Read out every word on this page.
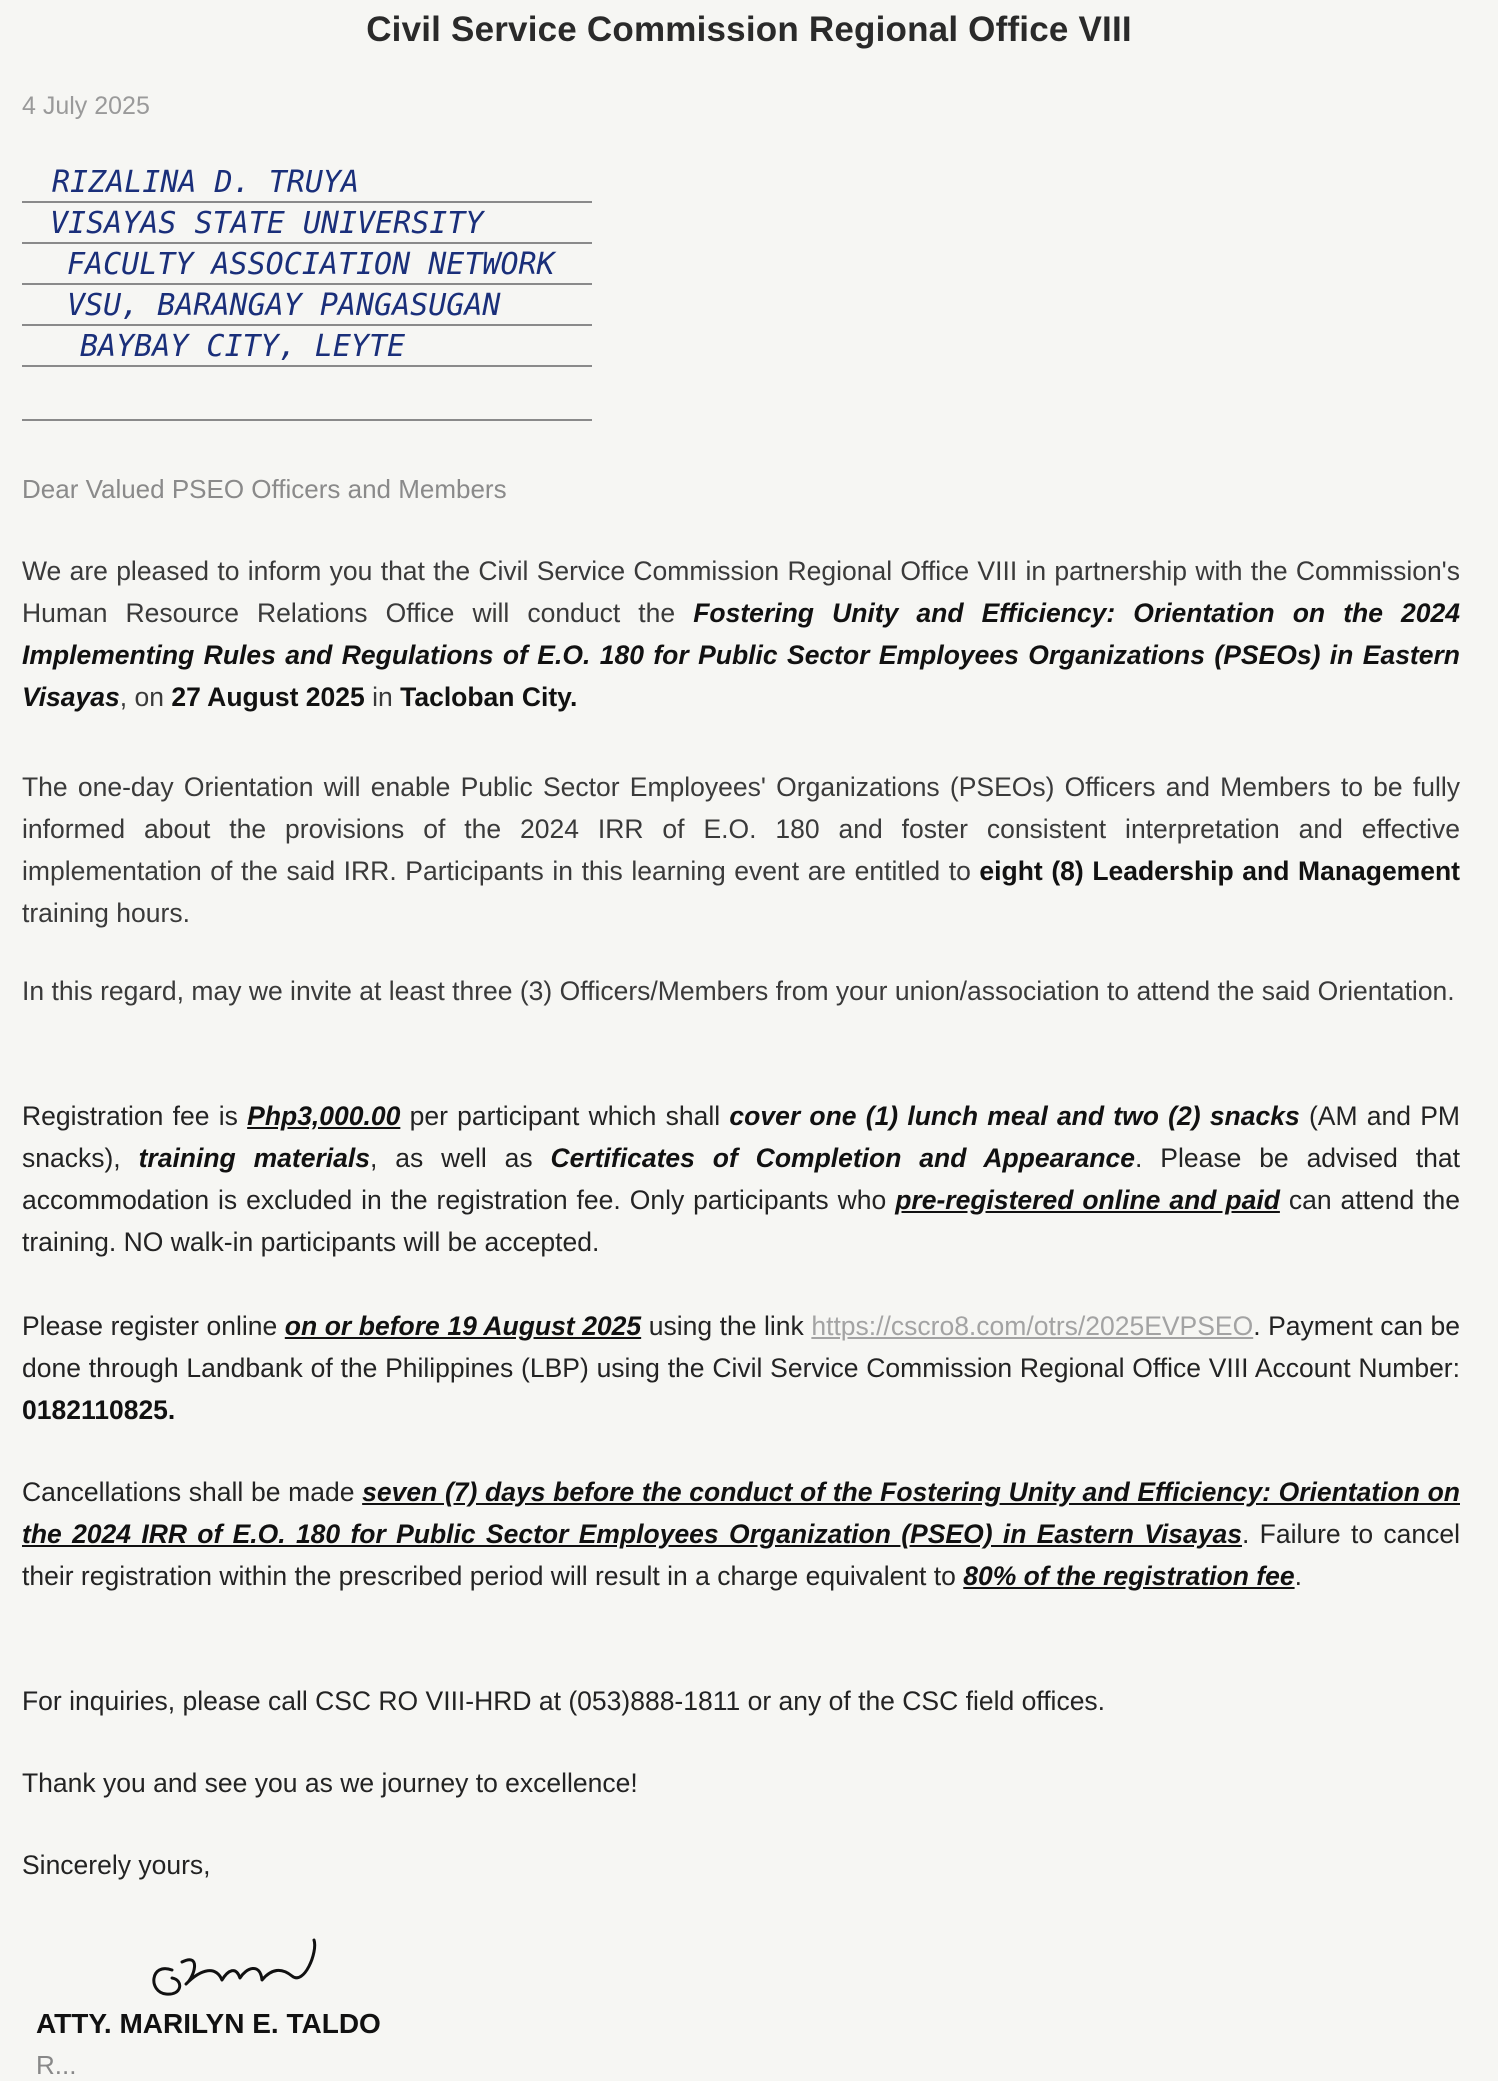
Civil Service Commission Regional Office VIII
4 July 2025
RIZALINA D. TRUYA
VISAYAS STATE UNIVERSITY
FACULTY ASSOCIATION NETWORK
VSU, BARANGAY PANGASUGAN
BAYBAY CITY, LEYTE
Dear Valued PSEO Officers and Members
We are pleased to inform you that the Civil Service Commission Regional Office VIII in partnership with the Commission's Human Resource Relations Office will conduct the Fostering Unity and Efficiency: Orientation on the 2024 Implementing Rules and Regulations of E.O. 180 for Public Sector Employees Organizations (PSEOs) in Eastern Visayas, on 27 August 2025 in Tacloban City.
The one-day Orientation will enable Public Sector Employees' Organizations (PSEOs) Officers and Members to be fully informed about the provisions of the 2024 IRR of E.O. 180 and foster consistent interpretation and effective implementation of the said IRR. Participants in this learning event are entitled to eight (8) Leadership and Management training hours.
In this regard, may we invite at least three (3) Officers/Members from your union/association to attend the said Orientation.
Registration fee is Php3,000.00 per participant which shall cover one (1) lunch meal and two (2) snacks (AM and PM snacks), training materials, as well as Certificates of Completion and Appearance. Please be advised that accommodation is excluded in the registration fee. Only participants who pre-registered online and paid can attend the training. NO walk-in participants will be accepted.
Please register online on or before 19 August 2025 using the link https://cscro8.com/otrs/2025EVPSEO. Payment can be done through Landbank of the Philippines (LBP) using the Civil Service Commission Regional Office VIII Account Number: 0182110825.
Cancellations shall be made seven (7) days before the conduct of the Fostering Unity and Efficiency: Orientation on the 2024 IRR of E.O. 180 for Public Sector Employees Organization (PSEO) in Eastern Visayas. Failure to cancel their registration within the prescribed period will result in a charge equivalent to 80% of the registration fee.
For inquiries, please call CSC RO VIII-HRD at (053)888-1811 or any of the CSC field offices.
Thank you and see you as we journey to excellence!
Sincerely yours,
ATTY. MARILYN E. TALDO
R...
